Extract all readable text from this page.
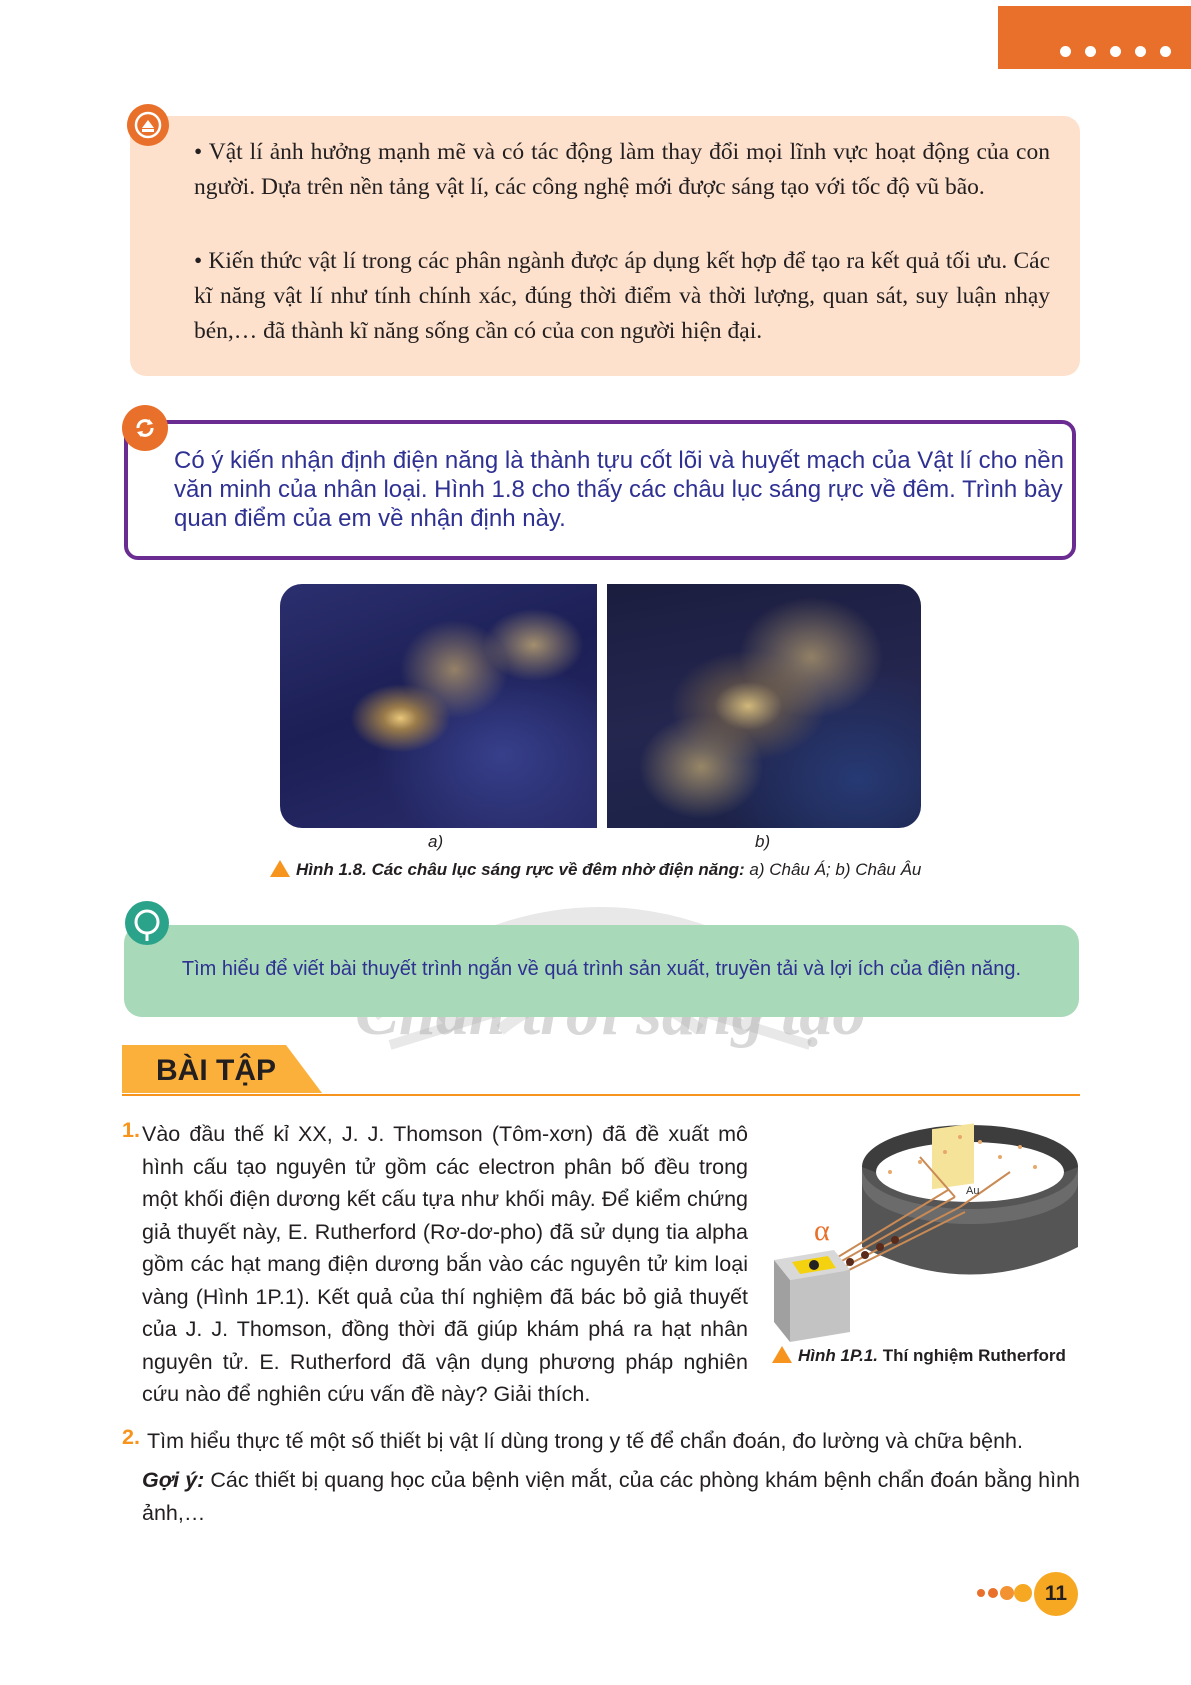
• Vật lí ảnh hưởng mạnh mẽ và có tác động làm thay đổi mọi lĩnh vực hoạt động của con người. Dựa trên nền tảng vật lí, các công nghệ mới được sáng tạo với tốc độ vũ bão.

• Kiến thức vật lí trong các phân ngành được áp dụng kết hợp để tạo ra kết quả tối ưu. Các kĩ năng vật lí như tính chính xác, đúng thời điểm và thời lượng, quan sát, suy luận nhạy bén,… đã thành kĩ năng sống cần có của con người hiện đại.

Có ý kiến nhận định điện năng là thành tựu cốt lõi và huyết mạch của Vật lí cho nền văn minh của nhân loại. Hình 1.8 cho thấy các châu lục sáng rực về đêm. Trình bày quan điểm của em về nhận định này.

a)	b)
Hình 1.8. Các châu lục sáng rực về đêm nhờ điện năng: a) Châu Á; b) Châu Âu
Tìm hiểu để viết bài thuyết trình ngắn về quá trình sản xuất, truyền tải và lợi ích của điện năng.
BÀI TẬP
1. Vào đầu thế kỉ XX, J. J. Thomson (Tôm-xơn) đã đề xuất mô hình cấu tạo nguyên tử gồm các electron phân bố đều trong một khối điện dương kết cấu tựa như khối mây. Để kiểm chứng giả thuyết này, E. Rutherford (Rơ-dơ-pho) đã sử dụng tia alpha gồm các hạt mang điện dương bắn vào các nguyên tử kim loại vàng (Hình 1P.1). Kết quả của thí nghiệm đã bác bỏ giả thuyết của J. J. Thomson, đồng thời đã giúp khám phá ra hạt nhân nguyên tử. E. Rutherford đã vận dụng phương pháp nghiên cứu nào để nghiên cứu vấn đề này? Giải thích.

α
Au
Hình 1P.1. Thí nghiệm Rutherford
2. Tìm hiểu thực tế một số thiết bị vật lí dùng trong y tế để chẩn đoán, đo lường và chữa bệnh.

Gợi ý: Các thiết bị quang học của bệnh viện mắt, của các phòng khám bệnh chẩn đoán bằng hình ảnh,…

11
